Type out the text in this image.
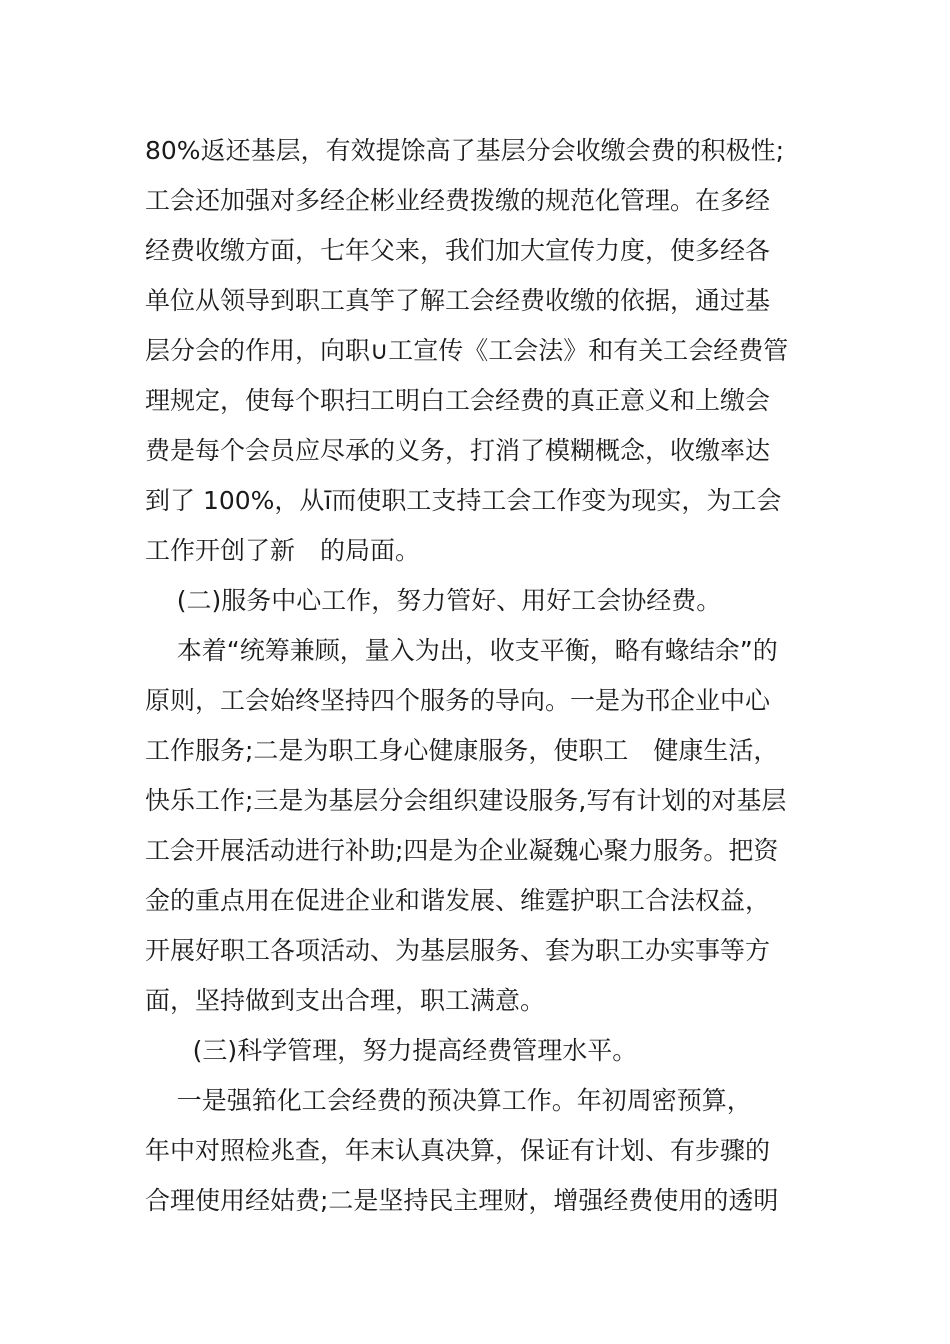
80%返还基层，有效提馀高了基层分会收缴会费的积极性;
工会还加强对多经企彬业经费拨缴的规范化管理。在多经
经费收缴方面，七年父来，我们加大宣传力度，使多经各
单位从领导到职工真竽了解工会经费收缴的依据，通过基
层分会的作用，向职∪工宣传《工会法》和有关工会经费管
理规定，使每个职扫工明白工会经费的真正意义和上缴会
费是每个会员应尽承的义务，打消了模糊概念，收缴率达
到了 100%，从ī而使职工支持工会工作变为现实，为工会
工作开创了新　的局面。
(二)服务中心工作，努力管好、用好工会协经费。
本着“统筹兼顾，量入为出，收支平衡，略有蝝结余”的
原则，工会始终坚持四个服务的导向。一是为邗企业中心
工作服务;二是为职工身心健康服务，使职工　健康生活，
快乐工作;三是为基层分会组织建设服务,写有计划的对基层
工会开展活动进行补助;四是为企业凝魏心聚力服务。把资
金的重点用在促进企业和谐发展、维霆护职工合法权益，
开展好职工各项活动、为基层服务、套为职工办实事等方
面，坚持做到支出合理，职工满意。
(三)科学管理，努力提高经费管理水平。
一是强筘化工会经费的预决算工作。年初周密预算，
年中对照检兆查，年末认真决算，保证有计划、有步骤的
合理使用经姑费;二是坚持民主理财，增强经费使用的透明
